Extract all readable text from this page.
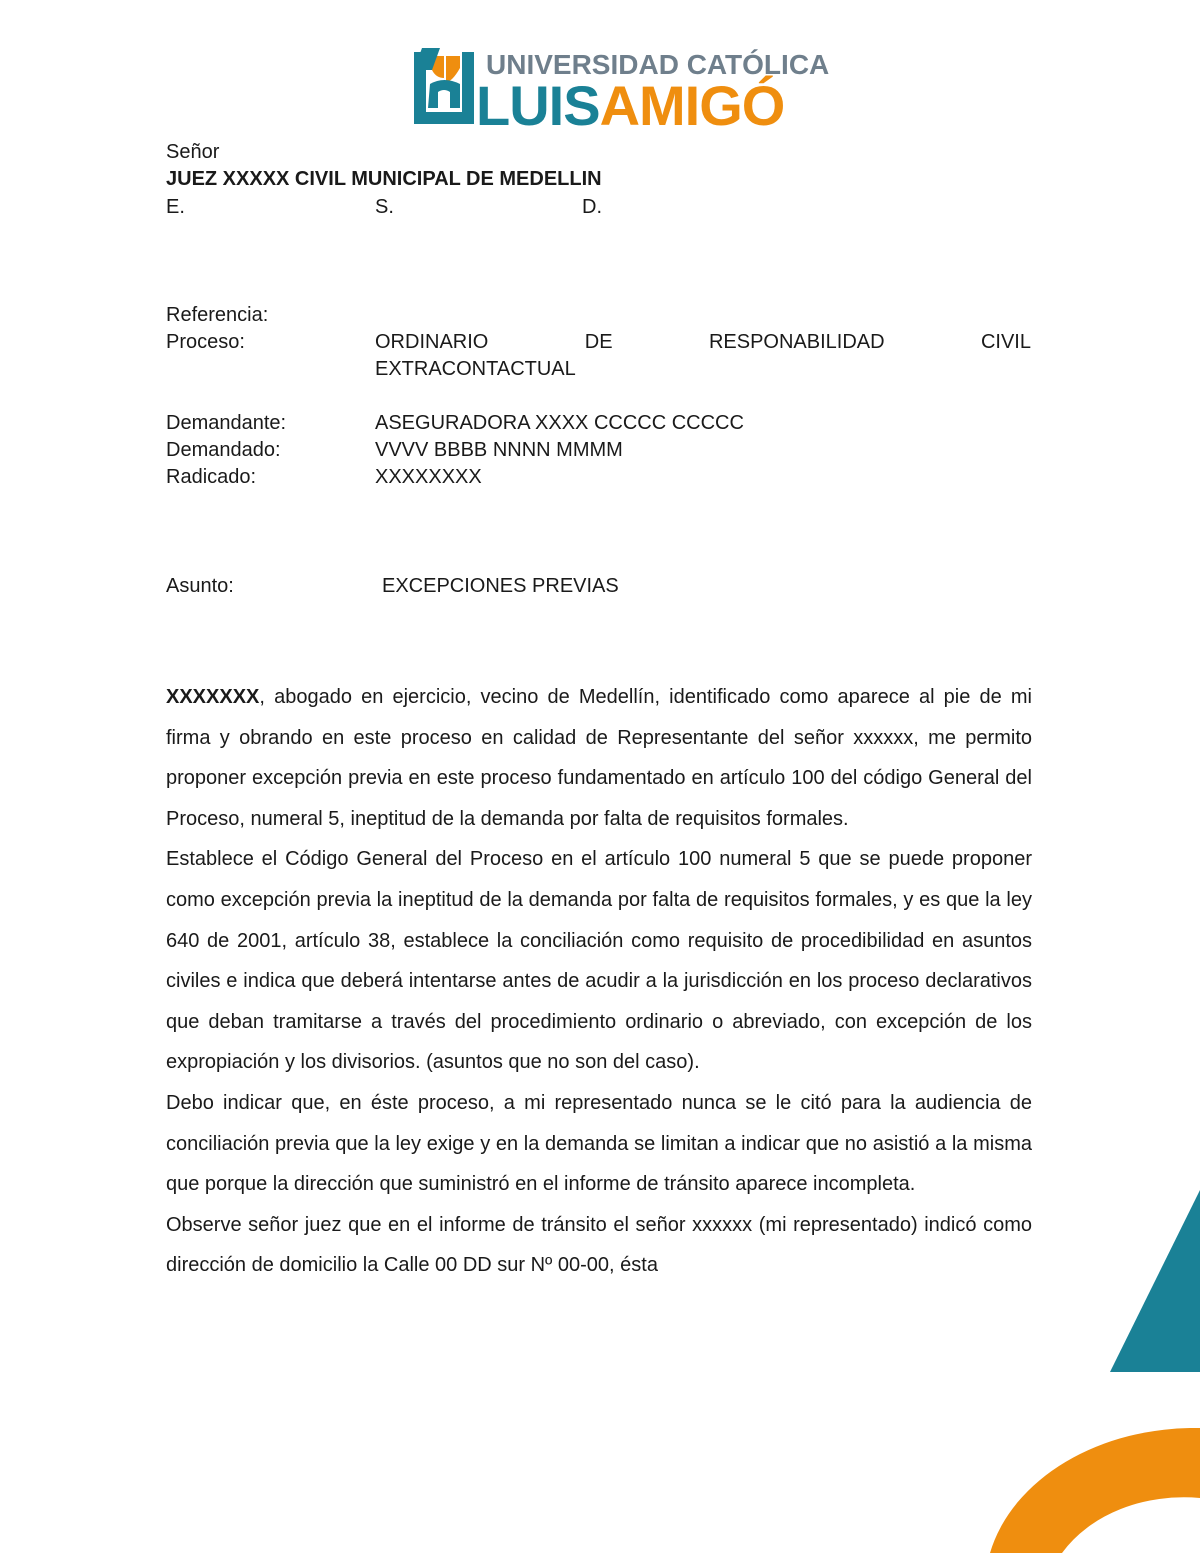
UNIVERSIDAD CATÓLICA
LUISAMIGÓ
Señor
JUEZ XXXXX CIVIL MUNICIPAL DE MEDELLIN
E.	S.	D.
Referencia:
Proceso:	ORDINARIO	DE	RESPONABILIDAD	CIVIL
EXTRACONTACTUAL
Demandante:	ASEGURADORA XXXX CCCCC CCCCC
Demandado:	VVVV BBBB NNNN MMMM
Radicado:	XXXXXXXX
Asunto:	EXCEPCIONES PREVIAS

XXXXXXX, abogado en ejercicio, vecino de Medellín, identificado como aparece al pie de mi firma y obrando en este proceso en calidad de Representante del señor xxxxxx, me permito proponer excepción previa en este proceso fundamentado en artículo 100 del código General del Proceso, numeral 5, ineptitud de la demanda por falta de requisitos formales.

Establece el Código General del Proceso en el artículo 100 numeral 5 que se puede proponer como excepción previa la ineptitud de la demanda por falta de requisitos formales, y es que la ley 640 de 2001, artículo 38, establece la conciliación como requisito de procedibilidad en asuntos civiles e indica que deberá intentarse antes de acudir a la jurisdicción en los proceso declarativos que deban tramitarse a través del procedimiento ordinario o abreviado, con excepción de los expropiación y los divisorios. (asuntos que no son del caso).

Debo indicar que, en éste proceso, a mi representado nunca se le citó para la audiencia de conciliación previa que la ley exige y en la demanda se limitan a indicar que no asistió a la misma que porque la dirección que suministró en el informe de tránsito aparece incompleta.

Observe señor juez que en el informe de tránsito el señor xxxxxx (mi representado) indicó como dirección de domicilio la Calle 00 DD sur Nº 00-00, ésta
